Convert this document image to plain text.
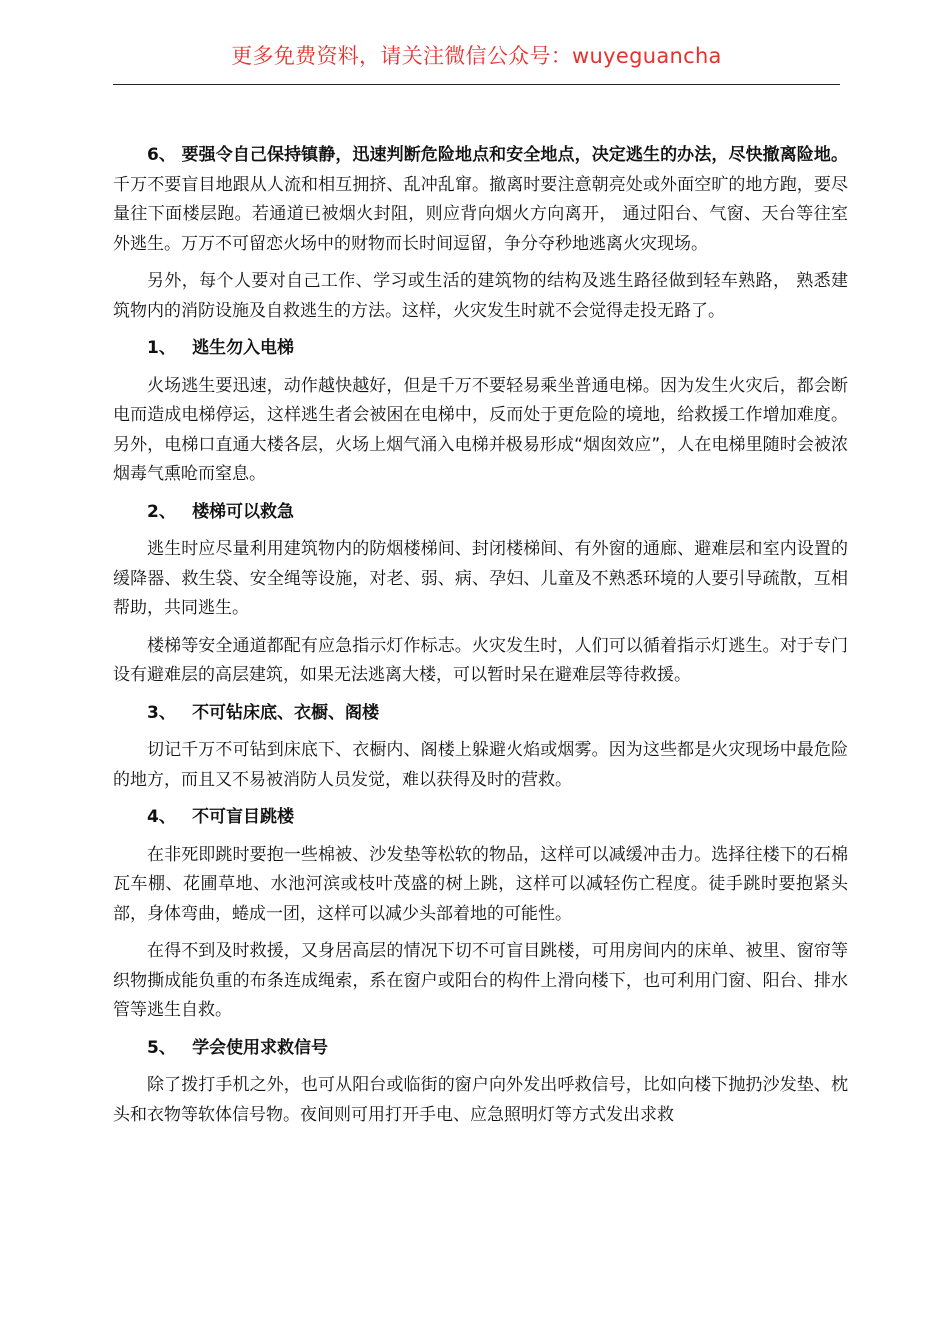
更多免费资料，请关注微信公众号：wuyeguancha

6、 要强令自己保持镇静，迅速判断危险地点和安全地点，决定逃生的办法，尽快撤离险地。千万不要盲目地跟从人流和相互拥挤、乱冲乱窜。撤离时要注意朝亮处或外面空旷的地方跑，要尽量往下面楼层跑。若通道已被烟火封阻，则应背向烟火方向离开， 通过阳台、气窗、天台等往室外逃生。万万不可留恋火场中的财物而长时间逗留，争分夺秒地逃离火灾现场。

另外，每个人要对自己工作、学习或生活的建筑物的结构及逃生路径做到轻车熟路， 熟悉建筑物内的消防设施及自救逃生的方法。这样，火灾发生时就不会觉得走投无路了。

1、 逃生勿入电梯

火场逃生要迅速，动作越快越好，但是千万不要轻易乘坐普通电梯。因为发生火灾后，都会断电而造成电梯停运，这样逃生者会被困在电梯中，反而处于更危险的境地，给救援工作增加难度。另外，电梯口直通大楼各层，火场上烟气涌入电梯并极易形成“烟囱效应”，人在电梯里随时会被浓烟毒气熏呛而窒息。

2、 楼梯可以救急

逃生时应尽量利用建筑物内的防烟楼梯间、封闭楼梯间、有外窗的通廊、避难层和室内设置的缓降器、救生袋、安全绳等设施，对老、弱、病、孕妇、儿童及不熟悉环境的人要引导疏散，互相帮助，共同逃生。

楼梯等安全通道都配有应急指示灯作标志。火灾发生时，人们可以循着指示灯逃生。对于专门设有避难层的高层建筑，如果无法逃离大楼，可以暂时呆在避难层等待救援。

3、 不可钻床底、衣橱、阁楼

切记千万不可钻到床底下、衣橱内、阁楼上躲避火焰或烟雾。因为这些都是火灾现场中最危险的地方，而且又不易被消防人员发觉，难以获得及时的营救。

4、 不可盲目跳楼

在非死即跳时要抱一些棉被、沙发垫等松软的物品，这样可以减缓冲击力。选择往楼下的石棉瓦车棚、花圃草地、水池河滨或枝叶茂盛的树上跳，这样可以减轻伤亡程度。徒手跳时要抱紧头部，身体弯曲，蜷成一团，这样可以减少头部着地的可能性。

在得不到及时救援，又身居高层的情况下切不可盲目跳楼，可用房间内的床单、被里、窗帘等织物撕成能负重的布条连成绳索，系在窗户或阳台的构件上滑向楼下，也可利用门窗、阳台、排水管等逃生自救。

5、 学会使用求救信号

除了拨打手机之外，也可从阳台或临街的窗户向外发出呼救信号，比如向楼下抛扔沙发垫、枕头和衣物等软体信号物。夜间则可用打开手电、应急照明灯等方式发出求救
